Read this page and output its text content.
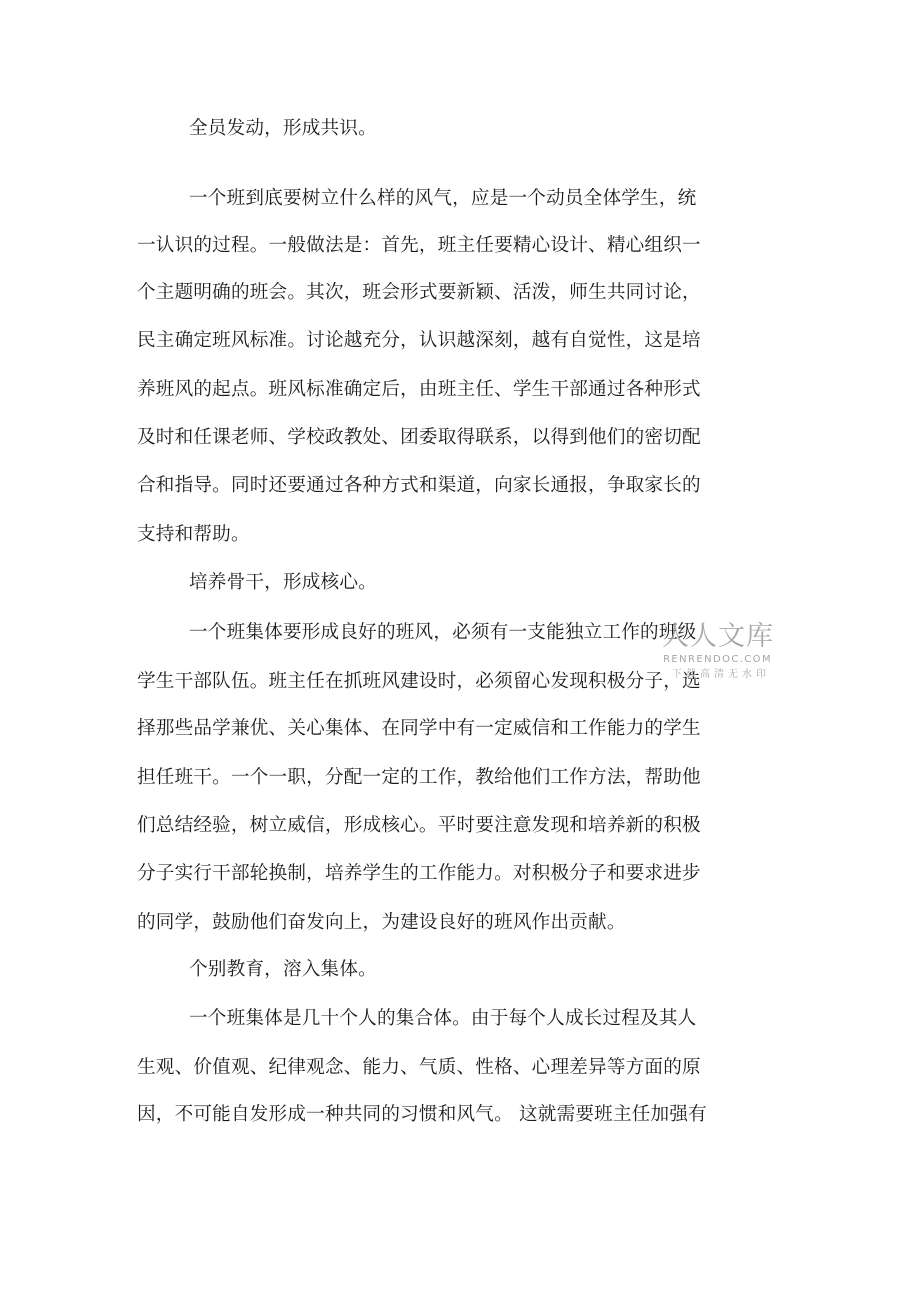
全员发动，形成共识。
一个班到底要树立什么样的风气，应是一个动员全体学生，统
一认识的过程。一般做法是：首先，班主任要精心设计、精心组织一
个主题明确的班会。其次，班会形式要新颖、活泼，师生共同讨论，
民主确定班风标准。讨论越充分，认识越深刻，越有自觉性，这是培
养班风的起点。班风标准确定后，由班主任、学生干部通过各种形式
及时和任课老师、学校政教处、团委取得联系，以得到他们的密切配
合和指导。同时还要通过各种方式和渠道，向家长通报，争取家长的
支持和帮助。
培养骨干，形成核心。
一个班集体要形成良好的班风，必须有一支能独立工作的班级
学生干部队伍。班主任在抓班风建设时，必须留心发现积极分子，选
择那些品学兼优、关心集体、在同学中有一定威信和工作能力的学生
担任班干。一个一职，分配一定的工作，教给他们工作方法，帮助他
们总结经验，树立威信，形成核心。平时要注意发现和培养新的积极
分子实行干部轮换制，培养学生的工作能力。对积极分子和要求进步
的同学，鼓励他们奋发向上，为建设良好的班风作出贡献。
个别教育，溶入集体。
一个班集体是几十个人的集合体。由于每个人成长过程及其人
生观、价值观、纪律观念、能力、气质、性格、心理差异等方面的原
因，不可能自发形成一种共同的习惯和风气。 这就需要班主任加强有
人人文库
RENRENDOC.COM
下载高清无水印
